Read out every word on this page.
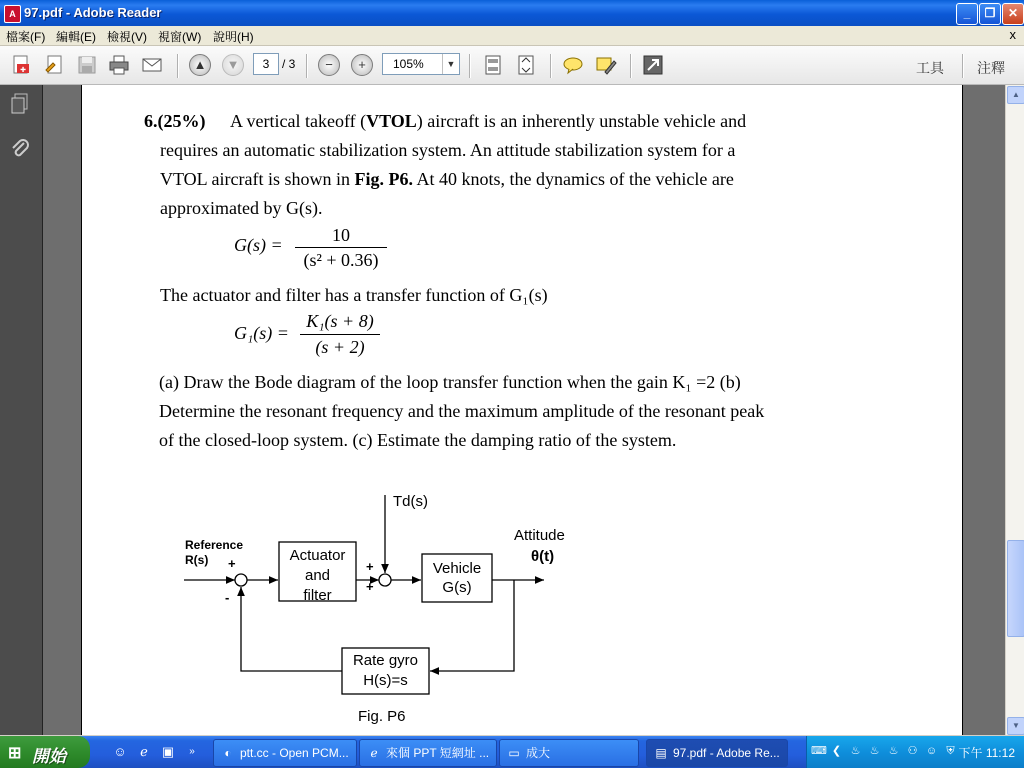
A 97.pdf - Adobe Reader	_	❐	✕
檔案(F) 編輯(E) 檢視(V) 視窗(W) 說明(H)	x
✚	▲	▼	3	/ 3	−	+	105%	▼	工具 注釋
6.(25%) A vertical takeoff (VTOL) aircraft is an inherently unstable vehicle and
requires an automatic stabilization system. An attitude stabilization system for a
VTOL aircraft is shown in Fig. P6. At 40 knots, the dynamics of the vehicle are
approximated by G(s).
G(s) =	10
(s² + 0.36)
The actuator and filter has a transfer function of G₁(s)
G₁(s) =
K₁(s + 8)
(s + 2)
(a) Draw the Bode diagram of the loop transfer function when the gain K₁ =2 (b)
Determine the resonant frequency and the maximum amplitude of the resonant peak
of the closed-loop system. (c) Estimate the damping ratio of the system.
Td(s)
Reference
R(s) +
-
Actuator
and
filter
+
+
Vehicle
G(s)
Attitude
θ(t)
Rate gyro
H(s)=s
Fig. P6
▲
▼
⊞ 開始	☺	ℯ	▣	»	◐ ptt.cc - Open PCM...	ℯ 來個 PPT 短網址 ...	▭ 成大	▤ 97.pdf - Adobe Re...	⌨ ❮ ♨ ♨ ♨ ⚇ ☺ ⛨ 下午 11:12
